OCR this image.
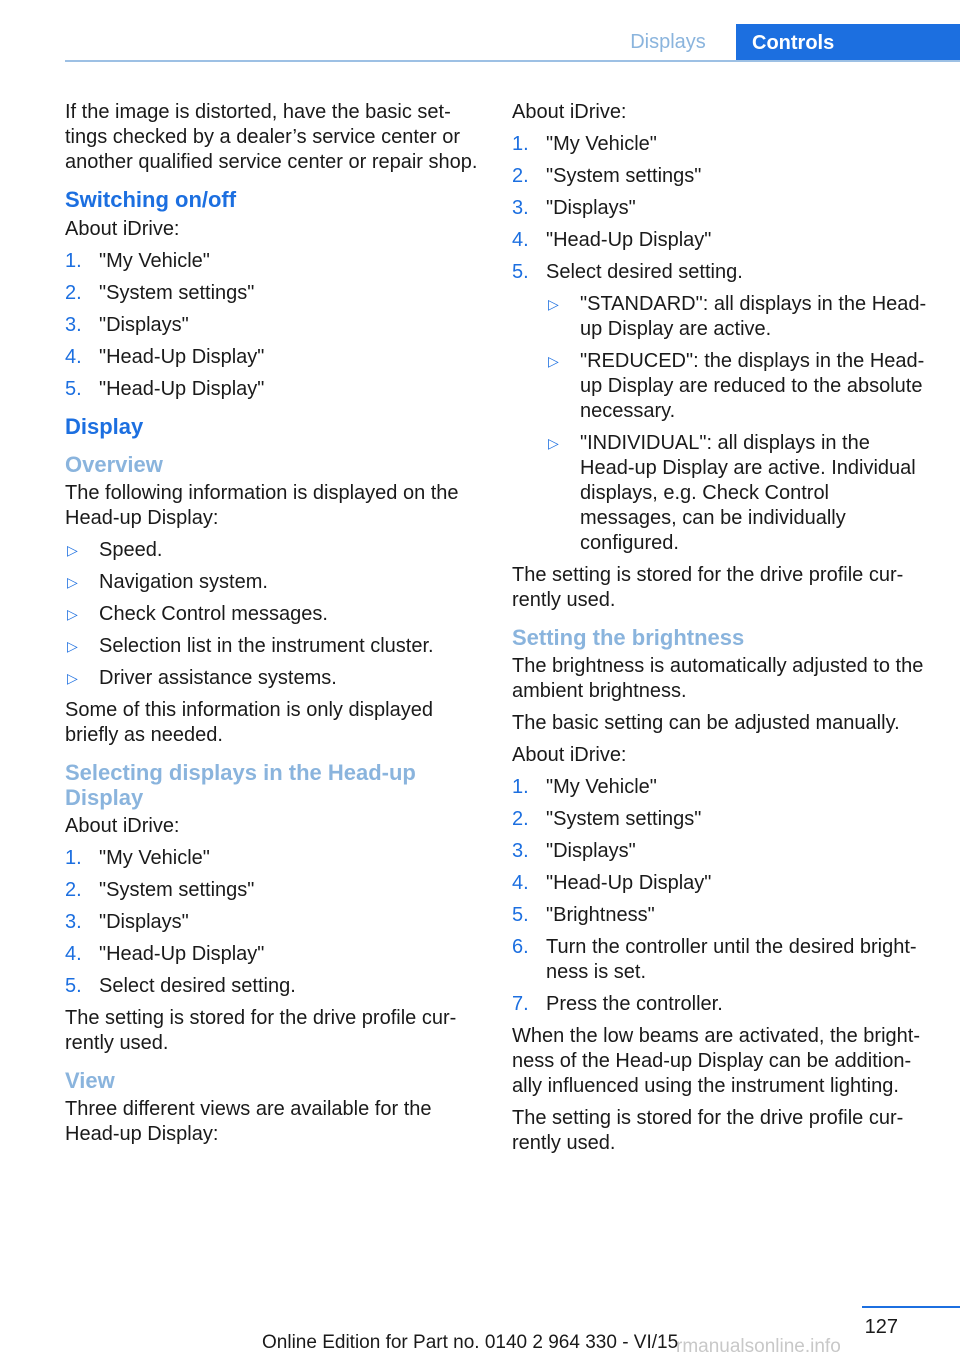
Displays	Controls

If the image is distorted, have the basic settings checked by a dealer’s service center or another qualified service center or repair shop.

Switching on/off

About iDrive:

1. "My Vehicle"
2. "System settings"
3. "Displays"
4. "Head-Up Display"
5. "Head-Up Display"
Display
Overview

The following information is displayed on the Head-up Display:

▷ Speed.
▷ Navigation system.
▷ Check Control messages.
▷ Selection list in the instrument cluster.
▷ Driver assistance systems.

Some of this information is only displayed briefly as needed.

Selecting displays in the Head-up Display

About iDrive:

1. "My Vehicle"
2. "System settings"
3. "Displays"
4. "Head-Up Display"
5. Select desired setting.

The setting is stored for the drive profile currently used.

View

Three different views are available for the Head-up Display:

About iDrive:

1. "My Vehicle"
2. "System settings"
3. "Displays"
4. "Head-Up Display"
5. Select desired setting.
▷ "STANDARD": all displays in the Head-up Display are active.
▷ "REDUCED": the displays in the Head-up Display are reduced to the absolute necessary.
▷ "INDIVIDUAL": all displays in the Head-up Display are active. Individual displays, e.g. Check Control messages, can be individually configured.

The setting is stored for the drive profile currently used.

Setting the brightness

The brightness is automatically adjusted to the ambient brightness.

The basic setting can be adjusted manually.

About iDrive:

1. "My Vehicle"
2. "System settings"
3. "Displays"
4. "Head-Up Display"
5. "Brightness"
6. Turn the controller until the desired brightness is set.
7. Press the controller.

When the low beams are activated, the brightness of the Head-up Display can be additionally influenced using the instrument lighting.

The setting is stored for the drive profile currently used.

127
rmanualsonline.info
Online Edition for Part no. 0140 2 964 330 - VI/15
